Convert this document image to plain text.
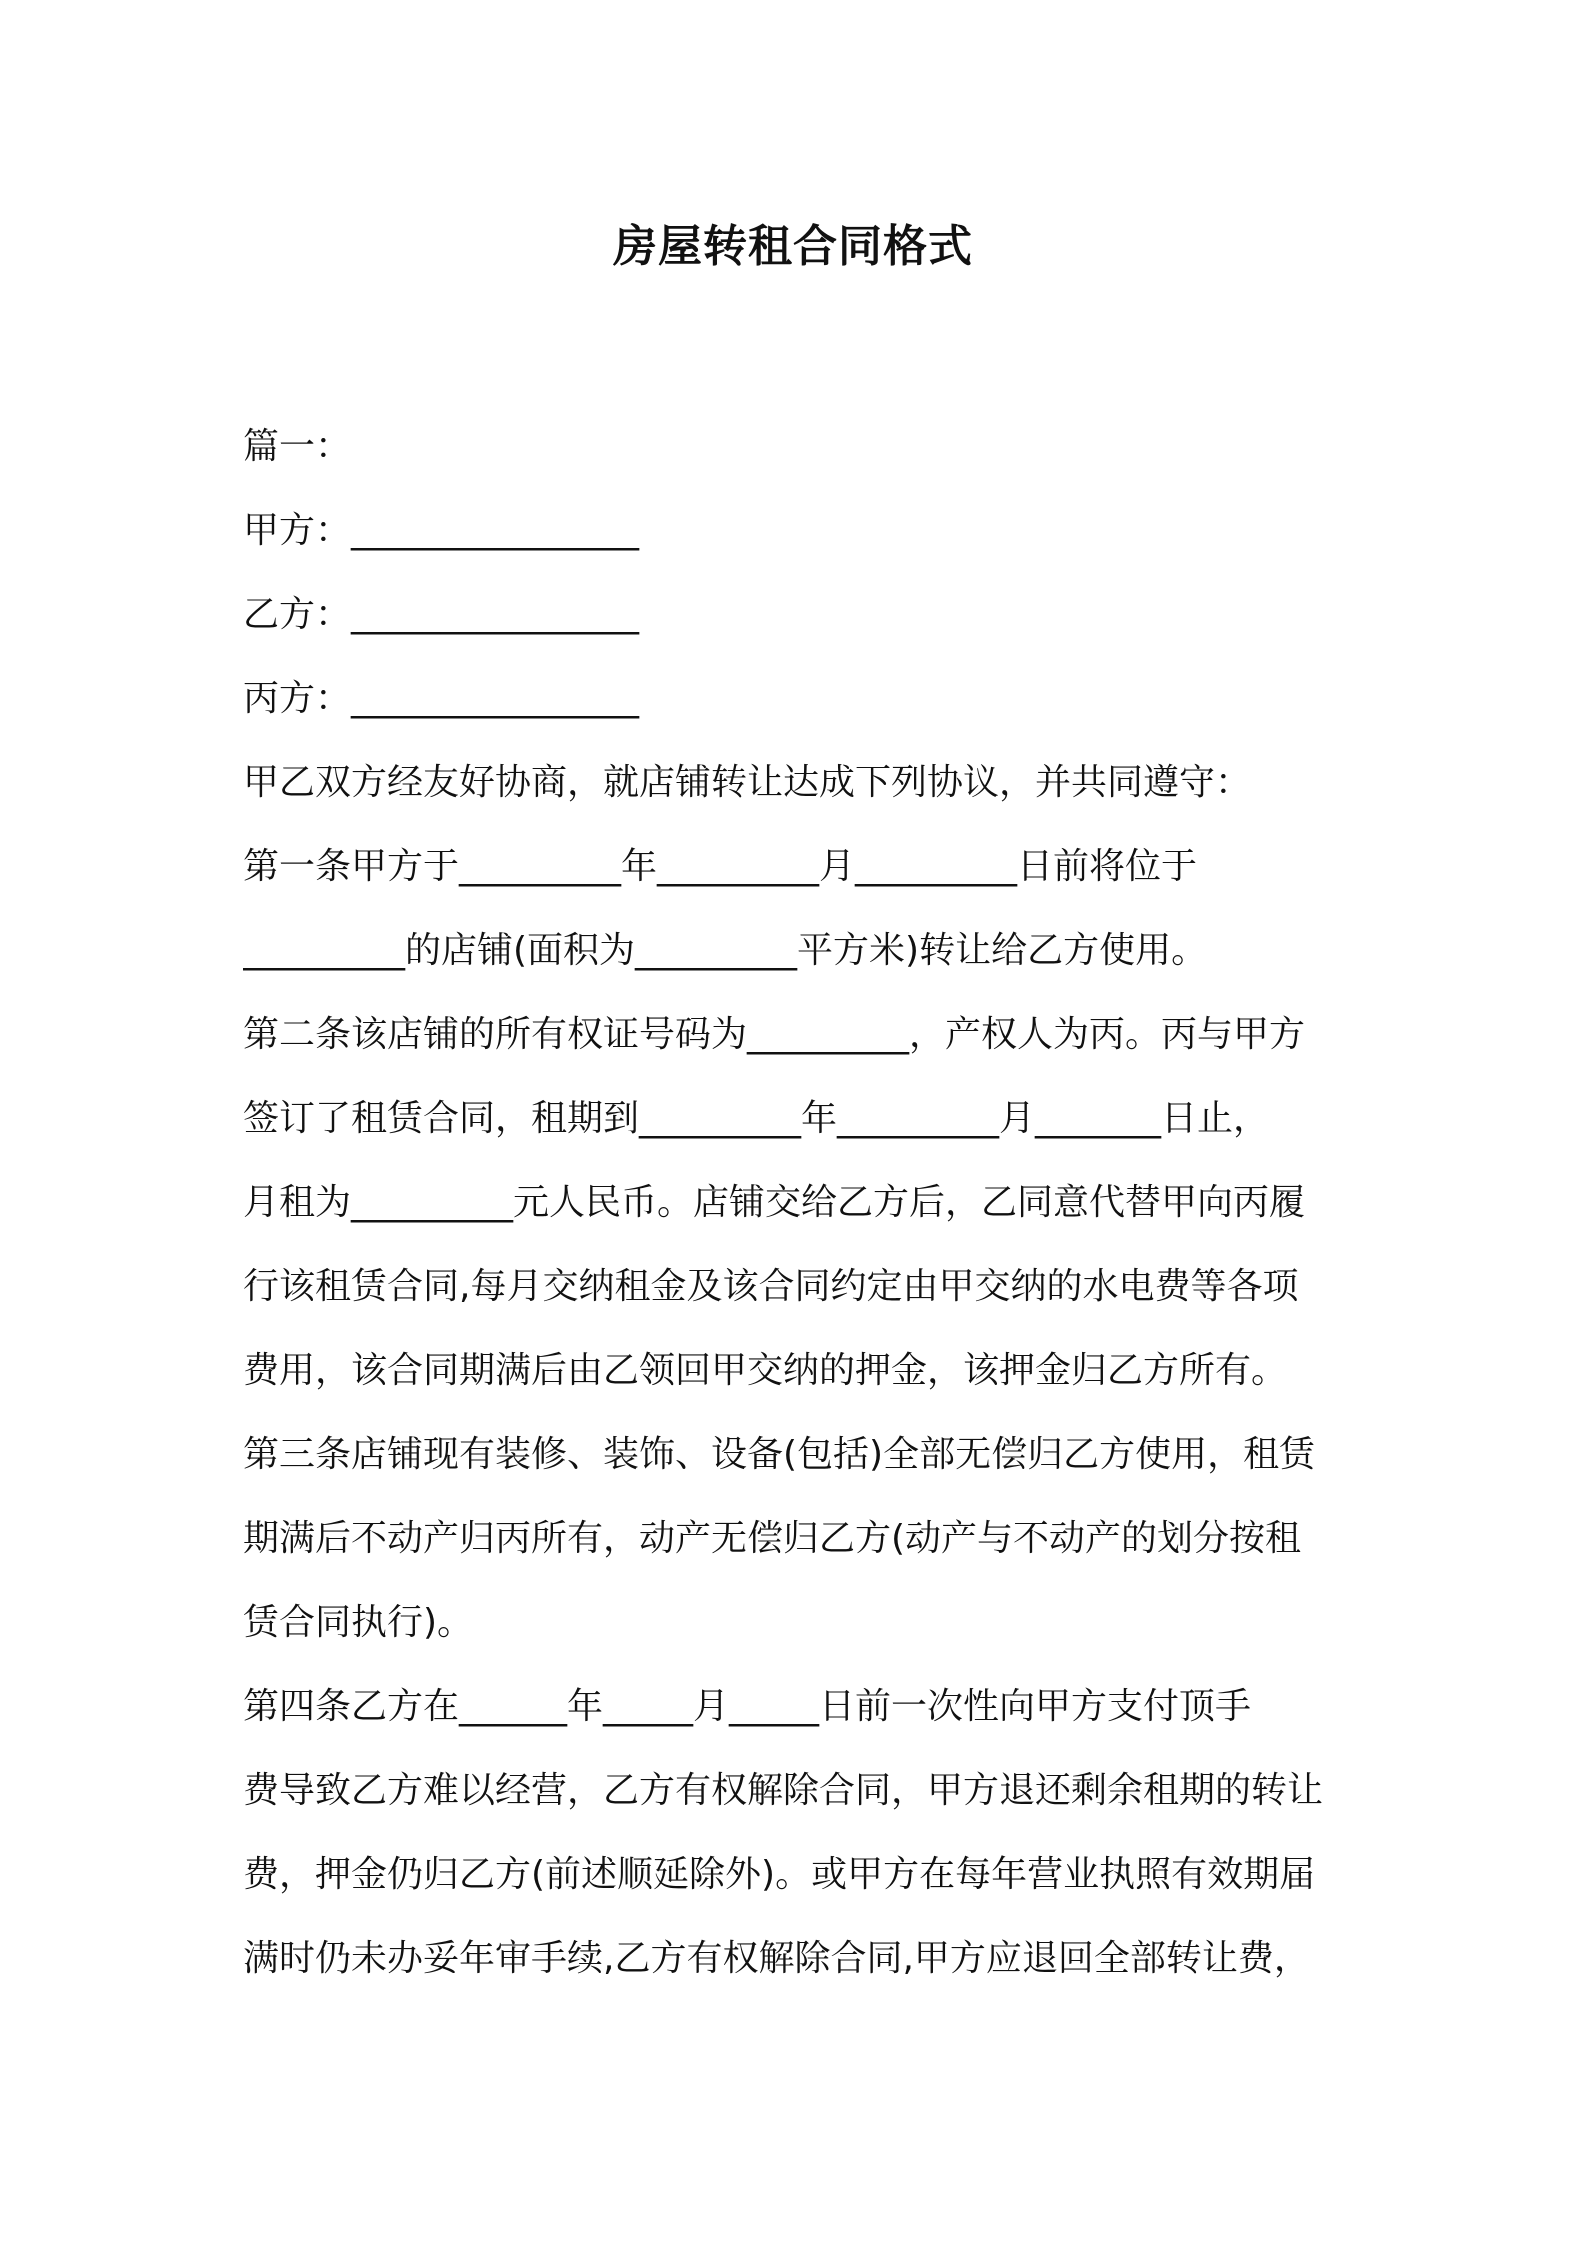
房屋转租合同格式
篇一：
甲方：________________
乙方：________________
丙方：________________
甲乙双方经友好协商，就店铺转让达成下列协议，并共同遵守：
第一条甲方于_________年_________月_________日前将位于
_________的店铺(面积为_________平方米)转让给乙方使用。
第二条该店铺的所有权证号码为_________，产权人为丙。丙与甲方
签订了租赁合同，租期到_________年_________月_______日止，
月租为_________元人民币。店铺交给乙方后，乙同意代替甲向丙履
行该租赁合同,每月交纳租金及该合同约定由甲交纳的水电费等各项
费用，该合同期满后由乙领回甲交纳的押金，该押金归乙方所有。
第三条店铺现有装修、装饰、设备(包括)全部无偿归乙方使用，租赁
期满后不动产归丙所有，动产无偿归乙方(动产与不动产的划分按租
赁合同执行)。
第四条乙方在______年_____月_____日前一次性向甲方支付顶手
费导致乙方难以经营，乙方有权解除合同，甲方退还剩余租期的转让
费，押金仍归乙方(前述顺延除外)。或甲方在每年营业执照有效期届
满时仍未办妥年审手续,乙方有权解除合同,甲方应退回全部转让费，
